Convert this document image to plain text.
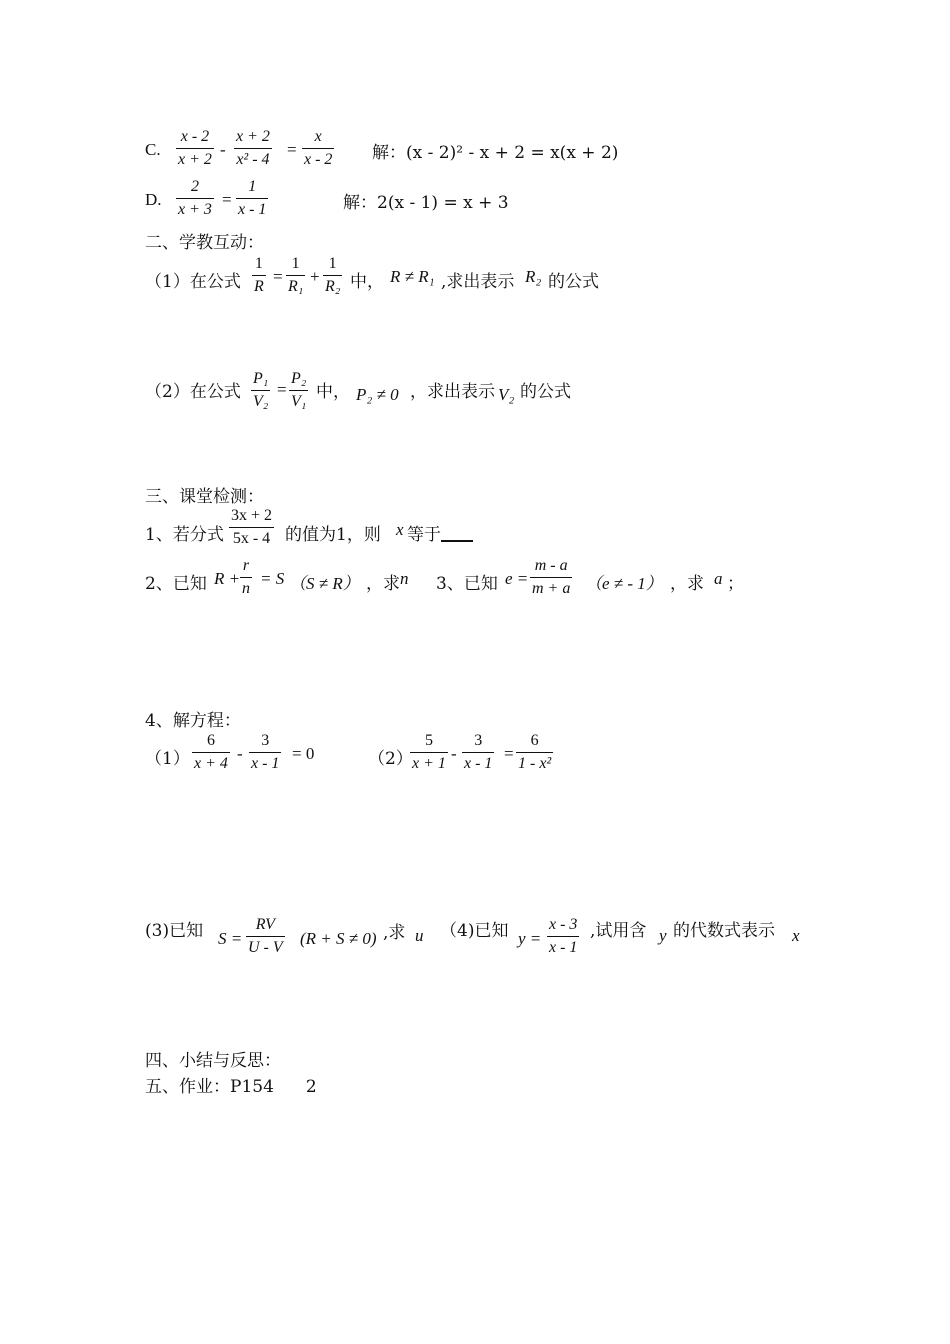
C. $\frac{x - 2}{x + 2} - \frac{x + 2}{\text{x² - 4}} = \frac{x}{x - 2}$ 解：(x - 2)² - x + 2 = x(x + 2)
D. $\frac{2}{x + 3} = \frac{1}{x - 1}$	解：2(x - 1) = x + 3
二、学教互动：
（1）在公式 $\frac{1}{R} = \frac{1}{\text{R₁}} + \frac{1}{\text{R₂}}$ 中， R ≠ R₁ ,求出表示 R₂ 的公式
（2）在公式 $\frac{\text{P₁}}{\text{V₂}} = \frac{\text{P₂}}{\text{V₁}}$ 中， P₂ ≠ 0 ，求出表示 V₂ 的公式
三、课堂检测：
1、若分式 $\frac{3x + 2}{5x - 4}$ 的值为1，则 x 等于
2、已知 $R + \frac{r}{n} = S$ （S ≠ R） ，求 n 3、已知 $e = \frac{m - a}{m + a} (e$ ≠ - 1） ，求 a ；
4、解方程：
$(1) \frac{6}{x + 4} - \frac{3}{x - 1} = 0$	（2）
$\frac{5}{x + 1} - \frac{3}{x - 1} = \frac{6}{\text{1 - x²}}$
(3)已知 $S = \frac{RV}{U - V} (R + S \ne 0)$ ,求 u （4)已知 $y = \frac{x - 3}{x - 1}$ ,试用含 y 的代数式表示 x
四、小结与反思：
五、作业：P154 2
